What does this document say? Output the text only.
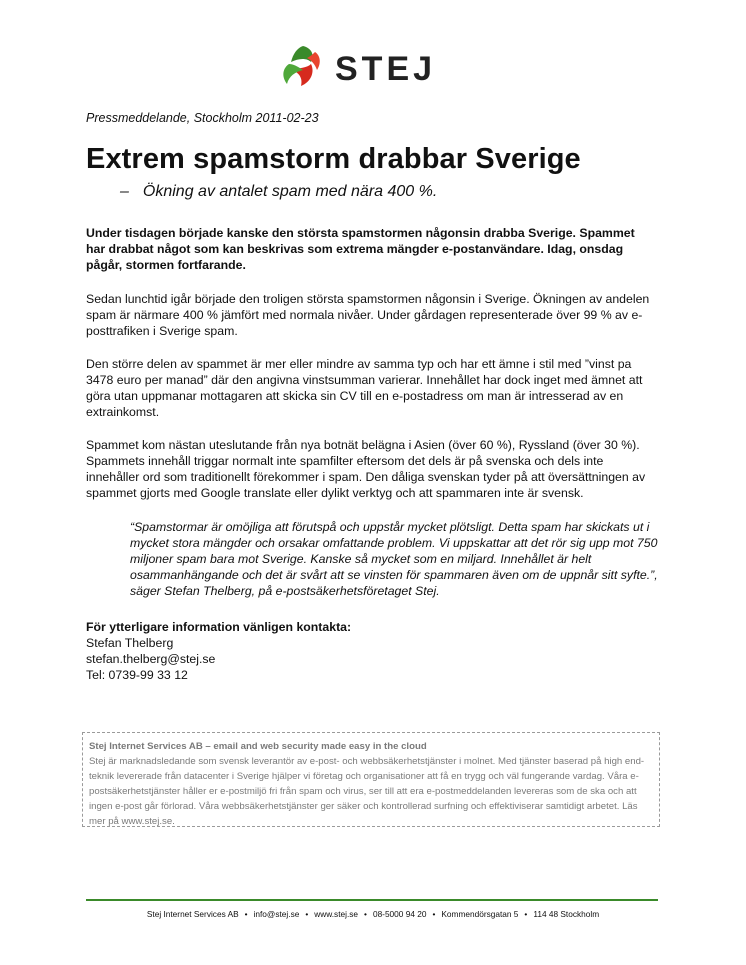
STEJ
Pressmeddelande, Stockholm 2011-02-23
Extrem spamstorm drabbar Sverige
– Ökning av antalet spam med nära 400 %.

Under tisdagen började kanske den största spamstormen någonsin drabba Sverige. Spammet har drabbat något som kan beskrivas som extrema mängder e-postanvändare. Idag, onsdag pågår, stormen fortfarande.

Sedan lunchtid igår började den troligen största spamstormen någonsin i Sverige. Ökningen av andelen spam är närmare 400 % jämfört med normala nivåer. Under gårdagen representerade över 99 % av e-posttrafiken i Sverige spam.

Den större delen av spammet är mer eller mindre av samma typ och har ett ämne i stil med ”vinst pa 3478 euro per manad” där den angivna vinstsumman varierar. Innehållet har dock inget med ämnet att göra utan uppmanar mottagaren att skicka sin CV till en e-postadress om man är intresserad av en extrainkomst.

Spammet kom nästan uteslutande från nya botnät belägna i Asien (över 60 %), Ryssland (över 30 %). Spammets innehåll triggar normalt inte spamfilter eftersom det dels är på svenska och dels inte innehåller ord som traditionellt förekommer i spam. Den dåliga svenskan tyder på att översättningen av spammet gjorts med Google translate eller dylikt verktyg och att spammaren inte är svensk.

“Spamstormar är omöjliga att förutspå och uppstår mycket plötsligt. Detta spam har skickats ut i mycket stora mängder och orsakar omfattande problem. Vi uppskattar att det rör sig upp mot 750 miljoner spam bara mot Sverige. Kanske så mycket som en miljard. Innehållet är helt osammanhängande och det är svårt att se vinsten för spammaren även om de uppnår sitt syfte.”, säger Stefan Thelberg, på e-postsäkerhetsföretaget Stej.

För ytterligare information vänligen kontakta:
Stefan Thelberg
stefan.thelberg@stej.se
Tel: 0739-99 33 12
Stej Internet Services AB – email and web security made easy in the cloud
Stej är marknadsledande som svensk leverantör av e-post- och webbsäkerhetstjänster i molnet. Med tjänster baserad på high end-teknik levererade från datacenter i Sverige hjälper vi företag och organisationer att få en trygg och väl fungerande vardag. Våra e-postsäkerhetstjänster håller er e-postmiljö fri från spam och virus, ser till att era e-postmeddelanden levereras som de ska och att ingen e-post går förlorad. Våra webbsäkerhetstjänster ger säker och kontrollerad surfning och effektiviserar samtidigt arbetet. Läs mer på www.stej.se.
Stej Internet Services AB • info@stej.se • www.stej.se • 08-5000 94 20 • Kommendörsgatan 5 • 114 48 Stockholm
